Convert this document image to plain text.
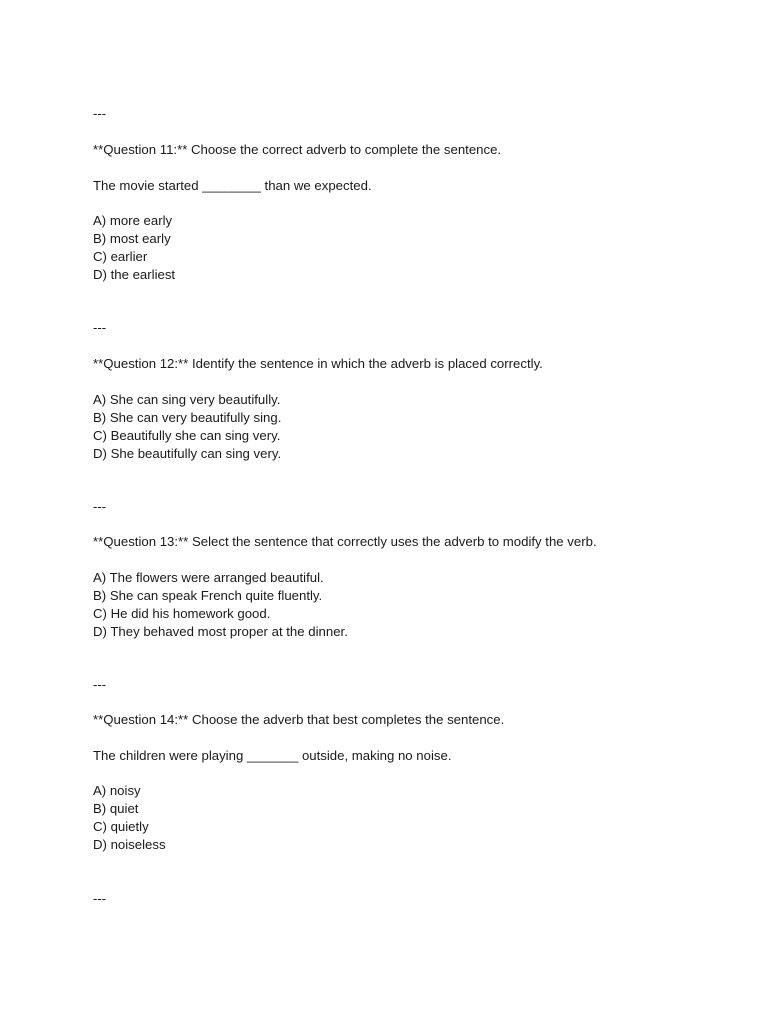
---

**Question 11:** Choose the correct adverb to complete the sentence.

The movie started ________ than we expected.

A) more early

B) most early

C) earlier

D) the earliest

---

**Question 12:** Identify the sentence in which the adverb is placed correctly.

A) She can sing very beautifully.

B) She can very beautifully sing.

C) Beautifully she can sing very.

D) She beautifully can sing very.

---

**Question 13:** Select the sentence that correctly uses the adverb to modify the verb.

A) The flowers were arranged beautiful.

B) She can speak French quite fluently.

C) He did his homework good.

D) They behaved most proper at the dinner.

---

**Question 14:** Choose the adverb that best completes the sentence.

The children were playing _______ outside, making no noise.

A) noisy

B) quiet

C) quietly

D) noiseless

---
